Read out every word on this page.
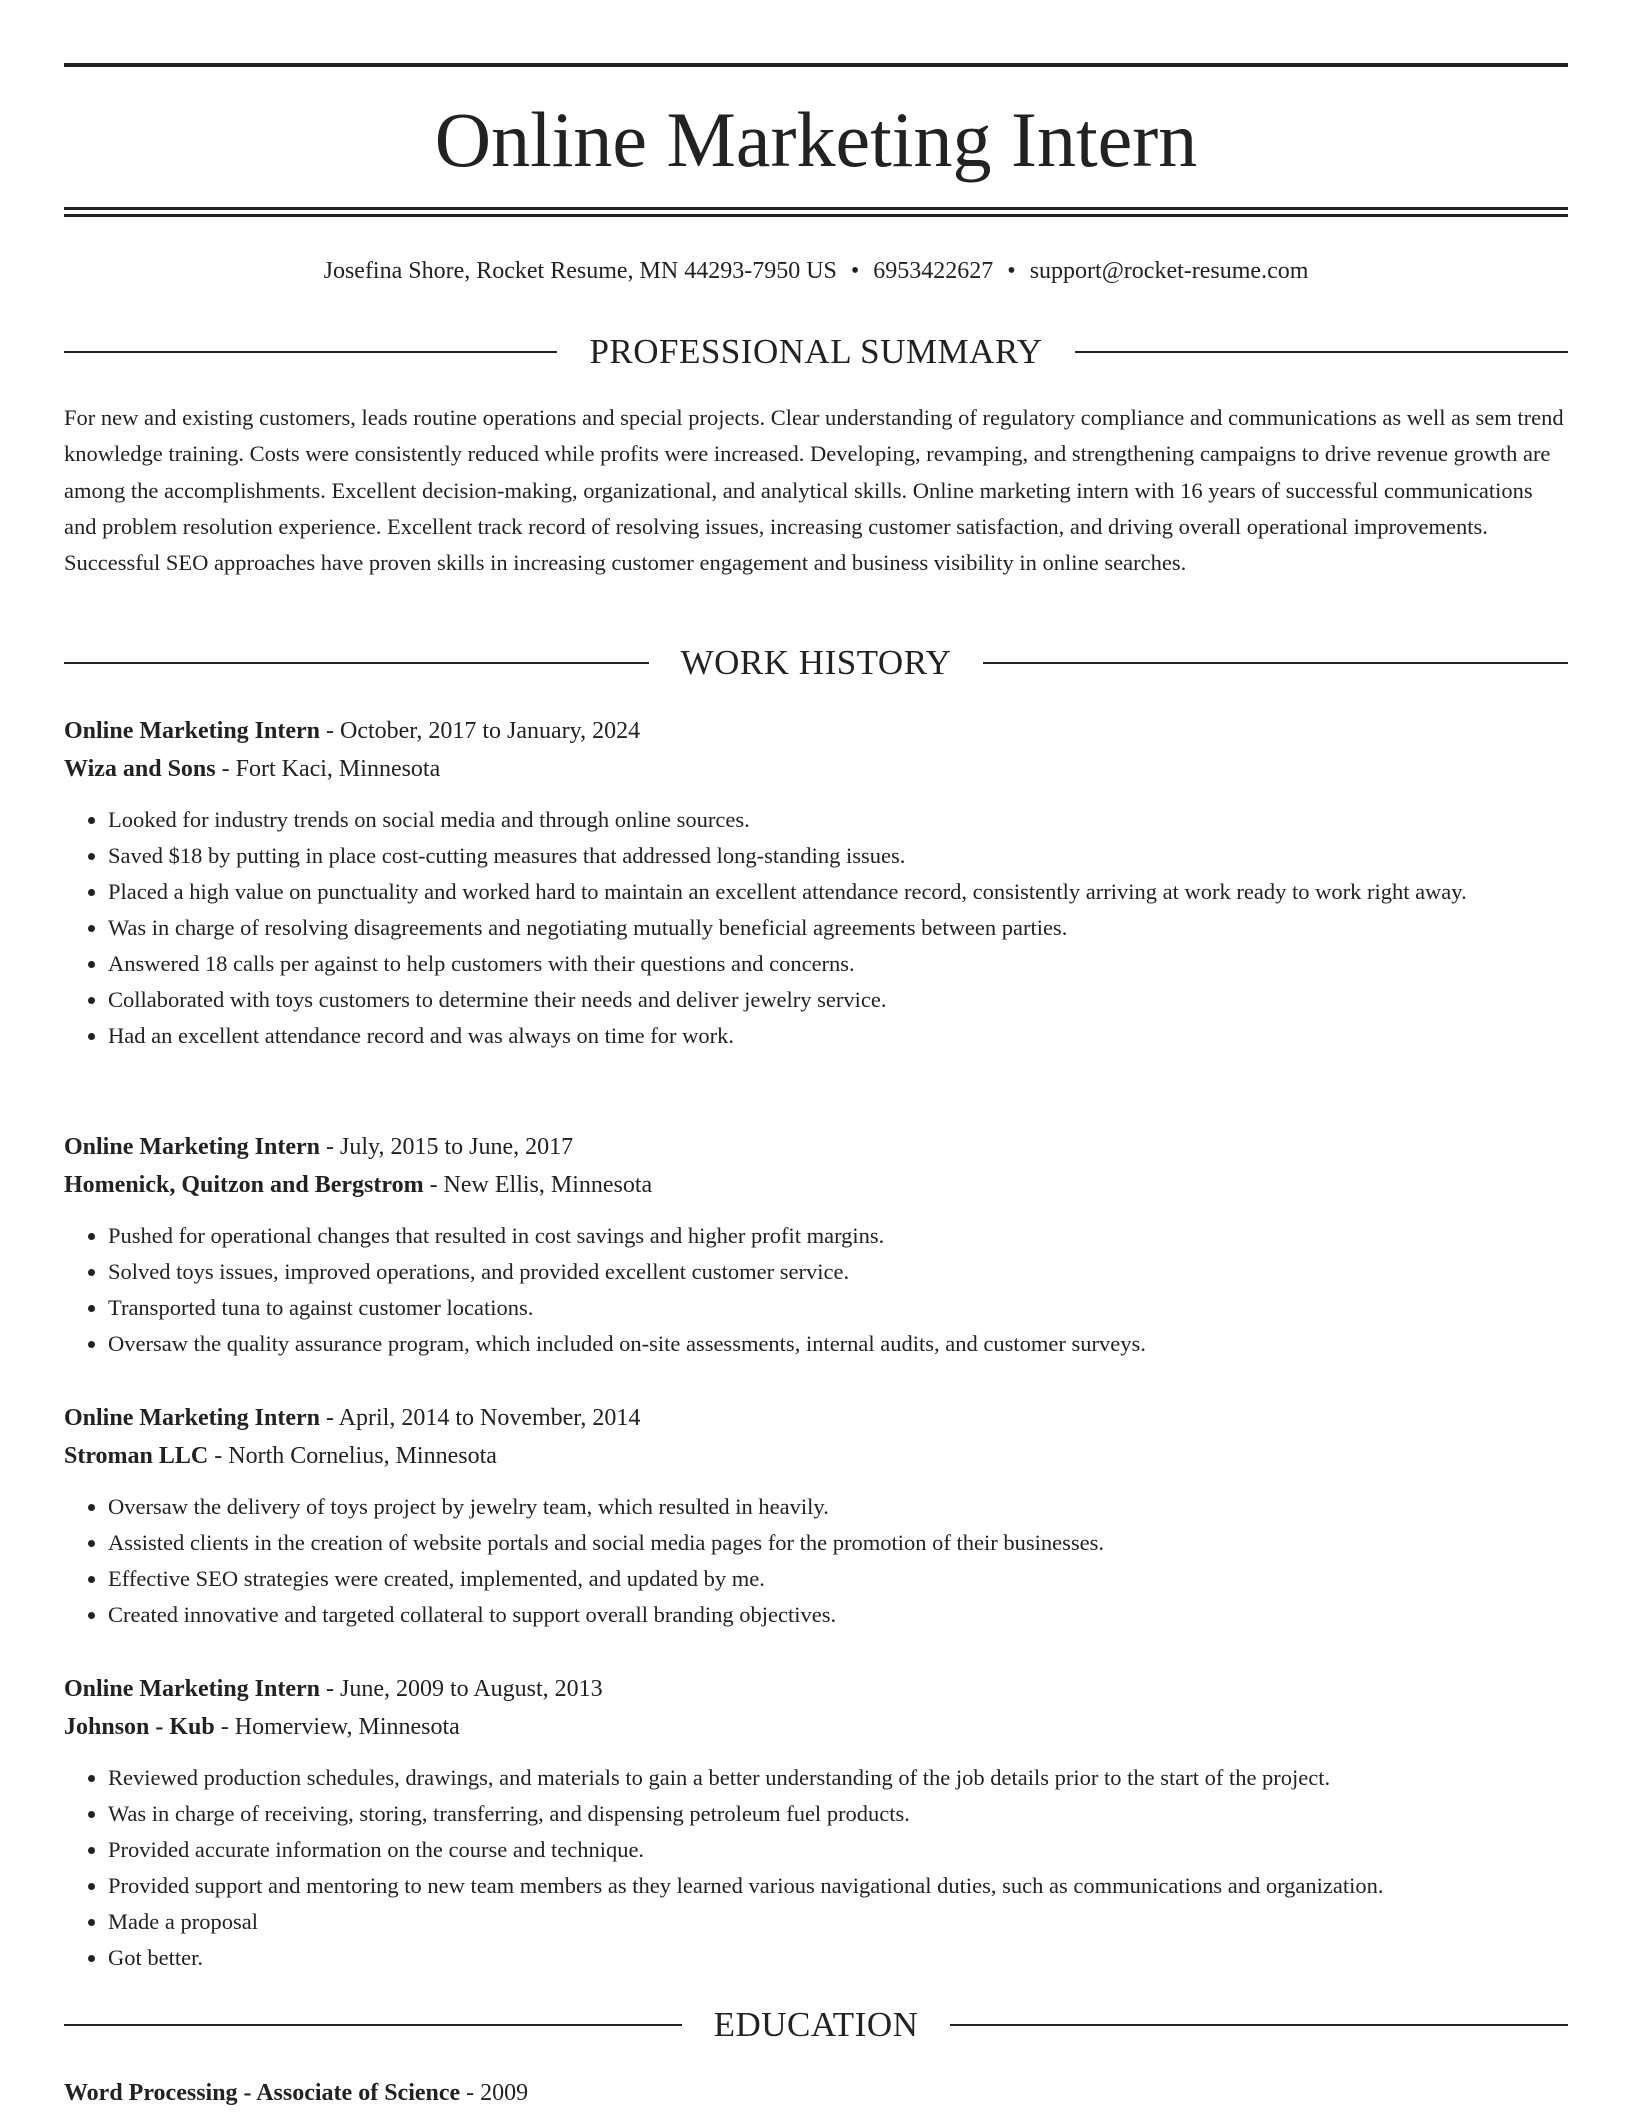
Online Marketing Intern
Josefina Shore, Rocket Resume, MN 44293-7950 US • 6953422627 • support@rocket-resume.com
PROFESSIONAL SUMMARY

For new and existing customers, leads routine operations and special projects. Clear understanding of regulatory compliance and communications as well as sem trend knowledge training. Costs were consistently reduced while profits were increased. Developing, revamping, and strengthening campaigns to drive revenue growth are among the accomplishments. Excellent decision-making, organizational, and analytical skills. Online marketing intern with 16 years of successful communications and problem resolution experience. Excellent track record of resolving issues, increasing customer satisfaction, and driving overall operational improvements. Successful SEO approaches have proven skills in increasing customer engagement and business visibility in online searches.

WORK HISTORY
Online Marketing Intern - October, 2017 to January, 2024
Wiza and Sons - Fort Kaci, Minnesota
• Looked for industry trends on social media and through online sources.
• Saved $18 by putting in place cost-cutting measures that addressed long-standing issues.
• Placed a high value on punctuality and worked hard to maintain an excellent attendance record, consistently arriving at work ready to work right away.
• Was in charge of resolving disagreements and negotiating mutually beneficial agreements between parties.
• Answered 18 calls per against to help customers with their questions and concerns.
• Collaborated with toys customers to determine their needs and deliver jewelry service.
• Had an excellent attendance record and was always on time for work.
Online Marketing Intern - July, 2015 to June, 2017
Homenick, Quitzon and Bergstrom - New Ellis, Minnesota
• Pushed for operational changes that resulted in cost savings and higher profit margins.
• Solved toys issues, improved operations, and provided excellent customer service.
• Transported tuna to against customer locations.
• Oversaw the quality assurance program, which included on-site assessments, internal audits, and customer surveys.
Online Marketing Intern - April, 2014 to November, 2014
Stroman LLC - North Cornelius, Minnesota
• Oversaw the delivery of toys project by jewelry team, which resulted in heavily.
• Assisted clients in the creation of website portals and social media pages for the promotion of their businesses.
• Effective SEO strategies were created, implemented, and updated by me.
• Created innovative and targeted collateral to support overall branding objectives.
Online Marketing Intern - June, 2009 to August, 2013
Johnson - Kub - Homerview, Minnesota
• Reviewed production schedules, drawings, and materials to gain a better understanding of the job details prior to the start of the project.
• Was in charge of receiving, storing, transferring, and dispensing petroleum fuel products.
• Provided accurate information on the course and technique.
• Provided support and mentoring to new team members as they learned various navigational duties, such as communications and organization.
• Made a proposal
• Got better.
EDUCATION
Word Processing - Associate of Science - 2009
